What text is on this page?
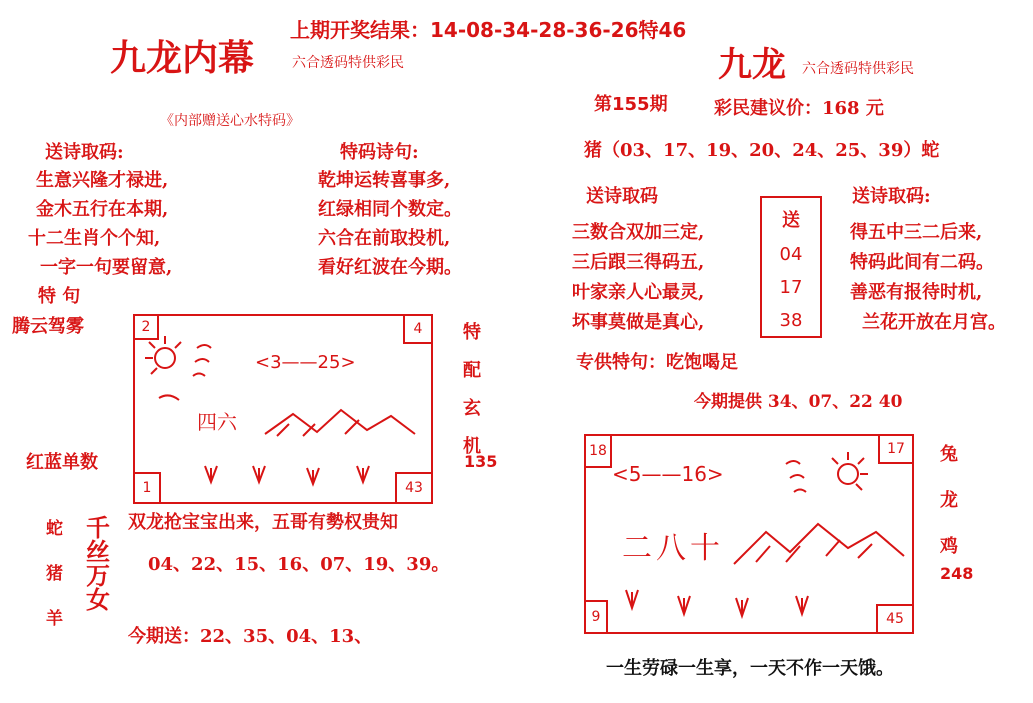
上期开奖结果：14-08-34-28-36-26特46
九龙内幕	六合透码特供彩民
《内部赠送心水特码》
送诗取码:
生意兴隆才禄进,
金木五行在本期,
十二生肖个个知,
一字一句要留意,
特码诗句:
乾坤运转喜事多,
红绿相同个数定。
六合在前取投机,
看好红波在今期。
特 句
腾云驾雾
红蓝单数
2	4
1	43
<3——25>
四六
特
配
玄
机
135
蛇
猪
羊
千
丝
万
女
双龙抢宝宝出来，五哥有勢权贵知
04、22、15、16、07、19、39。
今期送：22、35、04、13、
九龙 六合透码特供彩民
第155期	彩民建议价：168 元
猪（03、17、19、20、24、25、39）蛇
送诗取码
三数合双加三定,
三后跟三得码五,
叶家亲人心最灵,
坏事莫做是真心,
送
04
17
38
送诗取码:
得五中三二后来,
特码此间有二码。
善恶有报待时机,
兰花开放在月宫。
专供特句：吃饱喝足
今期提供 34、07、22 40
18	17
9	45
<5——16>
二八十
兔
龙
鸡
248
一生劳碌一生享，一天不作一天饿。
